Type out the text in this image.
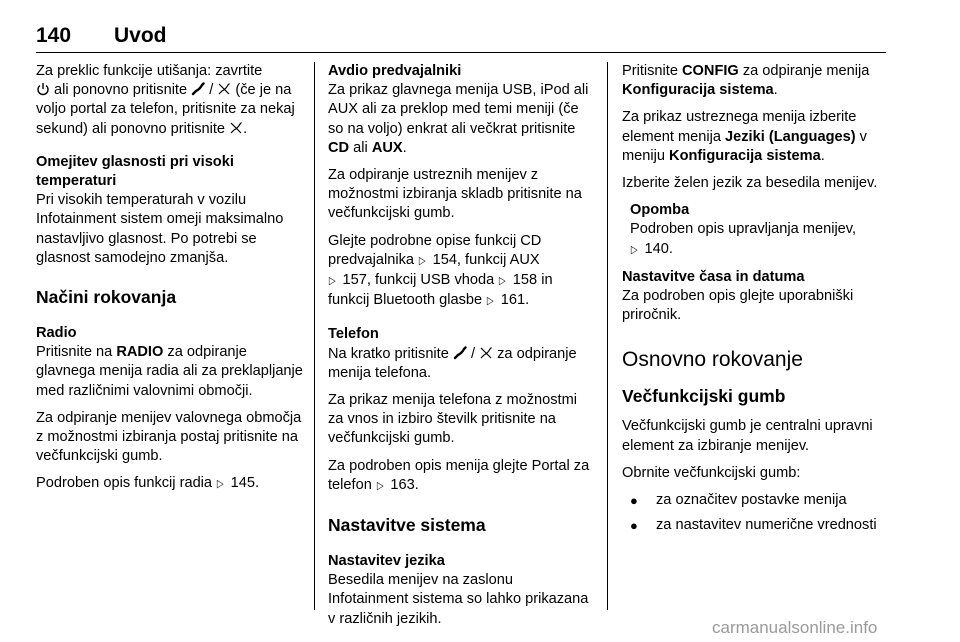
140 Uvod

Za preklic funkcije utišanja: zavrtite

ali ponovno pritisnite
/
(če je na voljo portal za telefon, pritisnite za nekaj sekund) ali ponovno pritisnite
.

Omejitev glasnosti pri visoki temperaturi

Pri visokih temperaturah v vozilu Infotainment sistem omeji maksimalno nastavljivo glasnost. Po potrebi se glasnost samodejno zmanjša.

Načini rokovanja

Radio

Pritisnite na RADIO za odpiranje glavnega menija radia ali za preklapljanje med različnimi valovnimi območji.

Za odpiranje menijev valovnega območja z možnostmi izbiranja postaj pritisnite na večfunkcijski gumb.

Podroben opis funkcij radia ▷ 145.

Avdio predvajalniki

Za prikaz glavnega menija USB, iPod ali AUX ali za preklop med temi meniji (če so na voljo) enkrat ali večkrat pritisnite CD ali AUX.

Za odpiranje ustreznih menijev z možnostmi izbiranja skladb pritisnite na večfunkcijski gumb.

Glejte podrobne opise funkcij CD predvajalnika ▷ 154, funkcij AUX
▷ 157, funkcij USB vhoda ▷ 158 in funkcij Bluetooth glasbe ▷ 161.

Telefon

Na kratko pritisnite
/
za odpiranje menija telefona.

Za prikaz menija telefona z možnostmi za vnos in izbiro številk pritisnite na večfunkcijski gumb.

Za podroben opis menija glejte Portal za telefon ▷ 163.

Nastavitve sistema

Nastavitev jezika

Besedila menijev na zaslonu Infotainment sistema so lahko prikazana v različnih jezikih.

Pritisnite CONFIG za odpiranje menija Konfiguracija sistema.

Za prikaz ustreznega menija izberite element menija Jeziki (Languages) v meniju Konfiguracija sistema.

Izberite želen jezik za besedila menijev.

Opomba
Podroben opis upravljanja menijev,
▷ 140.

Nastavitve časa in datuma

Za podroben opis glejte uporabniški priročnik.

Osnovno rokovanje
Večfunkcijski gumb

Večfunkcijski gumb je centralni upravni element za izbiranje menijev.

Obrnite večfunkcijski gumb:

● za označitev postavke menija
● za nastavitev numerične vrednosti
carmanualsonline.info
